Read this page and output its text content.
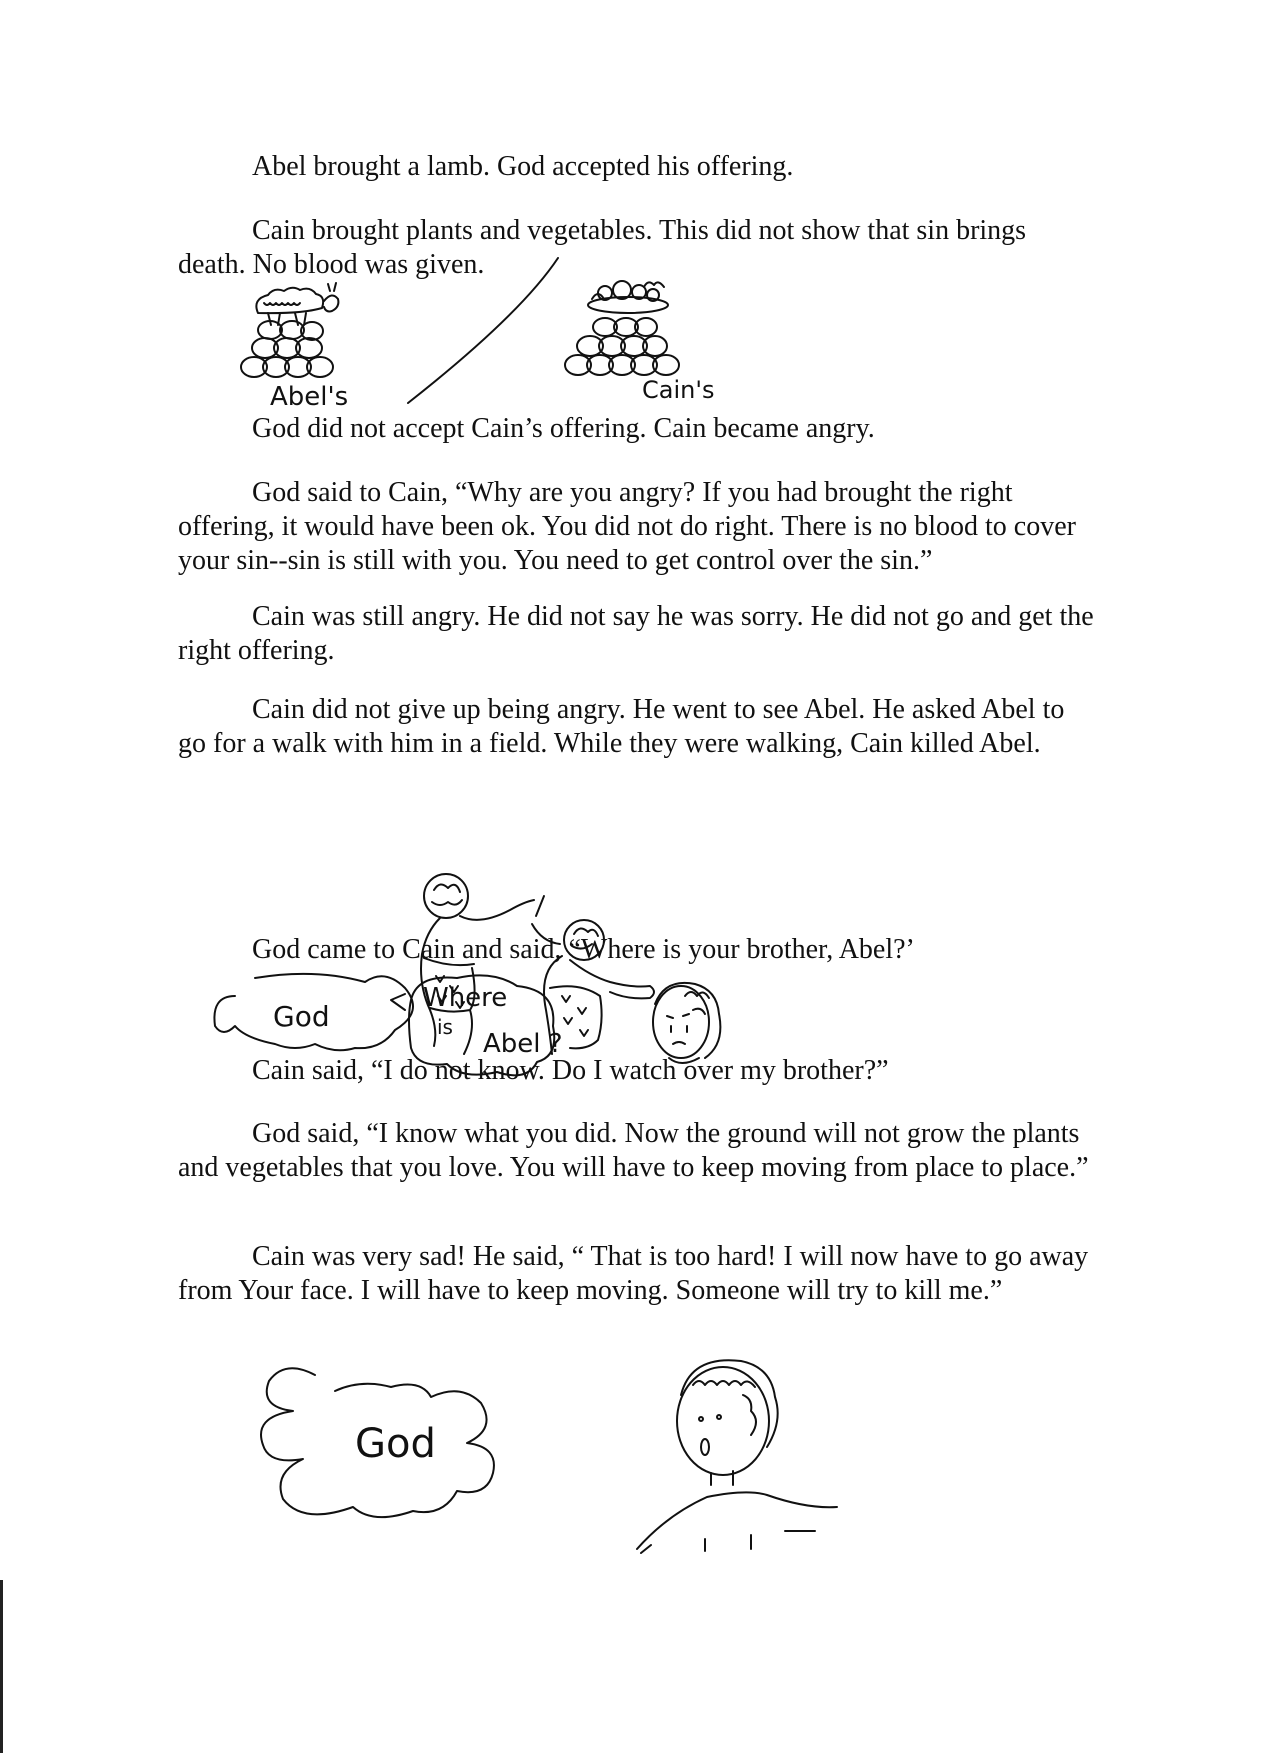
Abel brought a lamb. God accepted his offering.

Cain brought plants and vegetables. This did not show that sin brings death. No blood was given.

Abel's	Cain's

God did not accept Cain’s offering. Cain became angry.

God said to Cain, “Why are you angry? If you had brought the right offering, it would have been ok. You did not do right. There is no blood to cover your sin--sin is still with you. You need to get control over the sin.”

Cain was still angry. He did not say he was sorry. He did not go and get the right offering.

Cain did not give up being angry. He went to see Abel. He asked Abel to go for a walk with him in a field. While they were walking, Cain killed Abel.

God came to Cain and said, “Where is your brother, Abel?’

God
Where
is
Abel ?

Cain said, “I do not know. Do I watch over my brother?”

God said, “I know what you did. Now the ground will not grow the plants and vegetables that you love. You will have to keep moving from place to place.”

Cain was very sad! He said, “ That is too hard! I will now have to go away from Your face. I will have to keep moving. Someone will try to kill me.”

God
